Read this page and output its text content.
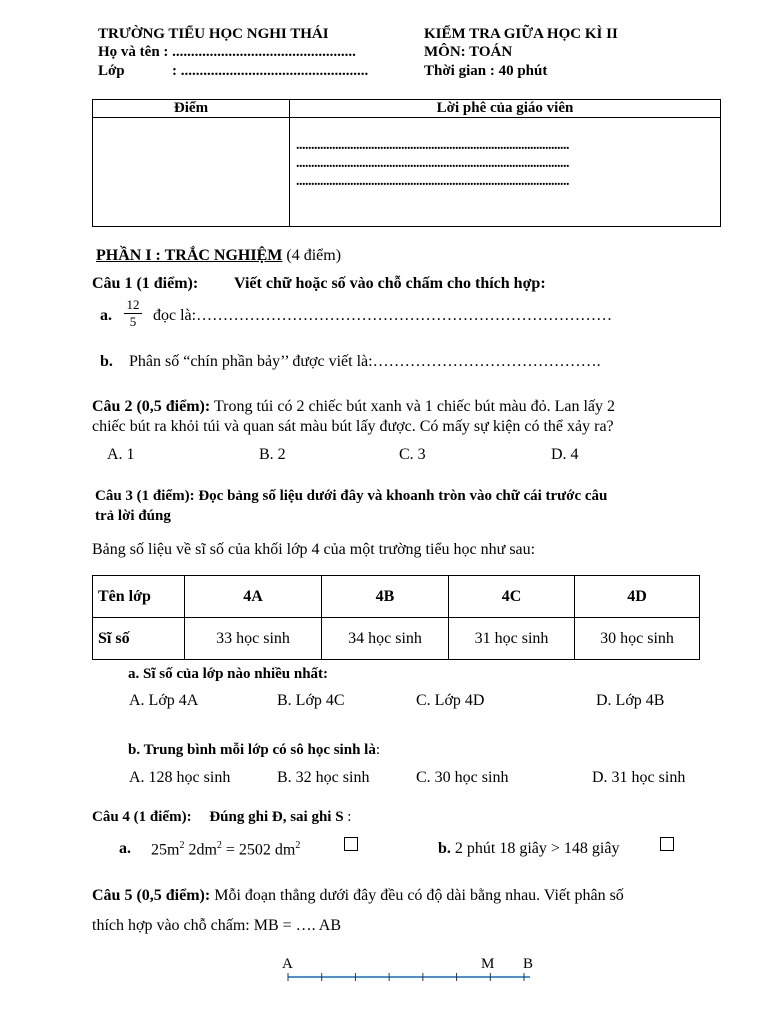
TRƯỜNG TIỂU HỌC NGHI THÁI
Họ và tên : .................................................
Lớp	: ..................................................
KIỂM TRA GIỮA HỌC KÌ II
MÔN: TOÁN
Thời gian : 40 phút
Điểm	Lời phê của giáo viên
...........................................................................................
...........................................................................................
...........................................................................................
PHẦN I : TRẮC NGHIỆM (4 điểm)
Câu 1 (1 điểm): Viết chữ hoặc số vào chỗ chấm cho thích hợp:
a.
12
5	đọc là:……………………………………………………………………
b. Phân số “chín phần bảy’’ được viết là:…………………………………….
Câu 2 (0,5 điểm): Trong túi có 2 chiếc bút xanh và 1 chiếc bút màu đỏ. Lan lấy 2
chiếc bút ra khỏi túi và quan sát màu bút lấy được. Có mấy sự kiện có thể xảy ra?
A. 1	B. 2	C. 3	D. 4
Câu 3 (1 điểm): Đọc bảng số liệu dưới đây và khoanh tròn vào chữ cái trước câu
trả lời đúng
Bảng số liệu về sĩ số của khối lớp 4 của một trường tiểu học như sau:
Tên lớp	4A	4B	4C	4D
Sĩ số	33 học sinh	34 học sinh	31 học sinh	30 học sinh
a. Sĩ số của lớp nào nhiều nhất:
A. Lớp 4A	B. Lớp 4C	C. Lớp 4D	D. Lớp 4B
b. Trung bình mỗi lớp có sô học sinh là:
A. 128 học sinh	B. 32 học sinh	C. 30 học sinh	D. 31 học sinh
Câu 4 (1 điểm): Đúng ghi Đ, sai ghi S :
a. $25m^2$ $2dm^2 = 2502$ $dm^2$	b. 2 phút 18 giây > 148 giây
Câu 5 (0,5 điểm): Mỗi đoạn thẳng dưới đây đều có độ dài bằng nhau. Viết phân số
thích hợp vào chỗ chấm: MB = …. AB
A	M B
